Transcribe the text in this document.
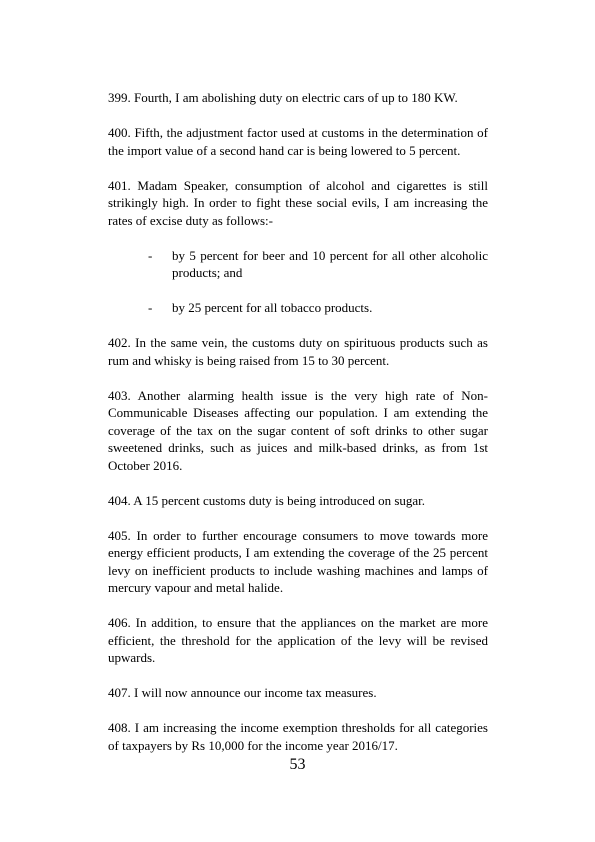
399. Fourth, I am abolishing duty on electric cars of up to 180 KW.

400. Fifth, the adjustment factor used at customs in the determination of the import value of a second hand car is being lowered to 5 percent.

401. Madam Speaker, consumption of alcohol and cigarettes is still strikingly high. In order to fight these social evils, I am increasing the rates of excise duty as follows:-

- by 5 percent for beer and 10 percent for all other alcoholic products; and
- by 25 percent for all tobacco products.

402. In the same vein, the customs duty on spirituous products such as rum and whisky is being raised from 15 to 30 percent.

403. Another alarming health issue is the very high rate of Non-Communicable Diseases affecting our population. I am extending the coverage of the tax on the sugar content of soft drinks to other sugar sweetened drinks, such as juices and milk-based drinks, as from 1st October 2016.

404. A 15 percent customs duty is being introduced on sugar.

405. In order to further encourage consumers to move towards more energy efficient products, I am extending the coverage of the 25 percent levy on inefficient products to include washing machines and lamps of mercury vapour and metal halide.

406. In addition, to ensure that the appliances on the market are more efficient, the threshold for the application of the levy will be revised upwards.

407. I will now announce our income tax measures.

408. I am increasing the income exemption thresholds for all categories of taxpayers by Rs 10,000 for the income year 2016/17.

53
